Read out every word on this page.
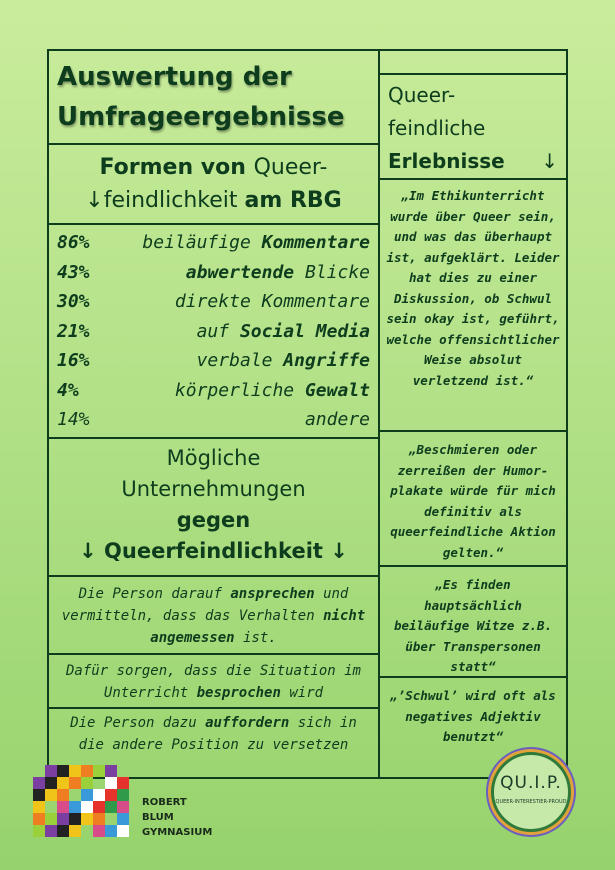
Auswertung der
Umfrageergebnisse
Formen von Queer-
↓feindlichkeit am RBG
86%	beiläufige Kommentare
43%	abwertende Blicke
30%	direkte Kommentare
21%	auf Social Media
16%	verbale Angriffe
4%	körperliche Gewalt
14%	andere
Mögliche
Unternehmungen
gegen
↓ Queerfeindlichkeit ↓
Die Person darauf ansprechen und vermitteln, dass das Verhalten nicht angemessen ist.
Dafür sorgen, dass die Situation im Unterricht besprochen wird
Die Person dazu auffordern sich in die andere Position zu versetzen
Queer-
feindliche
Erlebnisse ↓
„Im Ethikunterricht wurde über Queer sein, und was das überhaupt ist, aufgeklärt. Leider hat dies zu einer Diskussion, ob Schwul sein okay ist, geführt, welche offensichtlicher Weise absolut verletzend ist.“
„Beschmieren oder zerreißen der Humor-plakate würde für mich definitiv als queerfeindliche Aktion gelten.“
„Es finden hauptsächlich beiläufige Witze z.B. über Transpersonen statt“
„’Schwul’ wird oft als negatives Adjektiv benutzt“
ROBERT
BLUM
GYMNASIUM
QU.I.P.
QUEER-INTERESTIER-PROUD
